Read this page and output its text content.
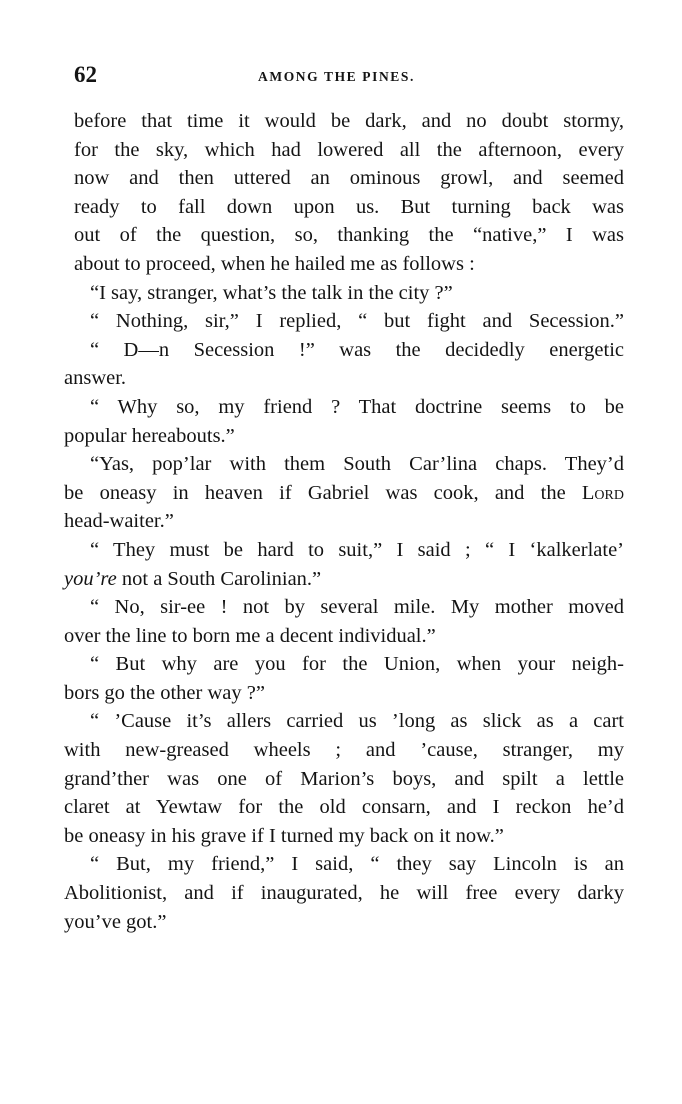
62	AMONG THE PINES.
before that time it would be dark, and no doubt stormy,
for the sky, which had lowered all the afternoon, every
now and then uttered an ominous growl, and seemed
ready to fall down upon us. But turning back was
out of the question, so, thanking the “native,” I was
about to proceed, when he hailed me as follows :
“I say, stranger, what’s the talk in the city ?”
“ Nothing, sir,” I replied, “ but fight and Secession.”
“ D—n Secession !” was the decidedly energetic
answer.
“ Why so, my friend ? That doctrine seems to be
popular hereabouts.”
“Yas, pop’lar with them South Car’lina chaps. They’d
be oneasy in heaven if Gabriel was cook, and the Lord
head-waiter.”
“ They must be hard to suit,” I said ; “ I ‘kalkerlate’
you’re not a South Carolinian.”
“ No, sir-ee ! not by several mile. My mother moved
over the line to born me a decent individual.”
“ But why are you for the Union, when your neigh-
bors go the other way ?”
“ ’Cause it’s allers carried us ’long as slick as a cart
with new-greased wheels ; and ’cause, stranger, my
grand’ther was one of Marion’s boys, and spilt a lettle
claret at Yewtaw for the old consarn, and I reckon he’d
be oneasy in his grave if I turned my back on it now.”
“ But, my friend,” I said, “ they say Lincoln is an
Abolitionist, and if inaugurated, he will free every darky
you’ve got.”
